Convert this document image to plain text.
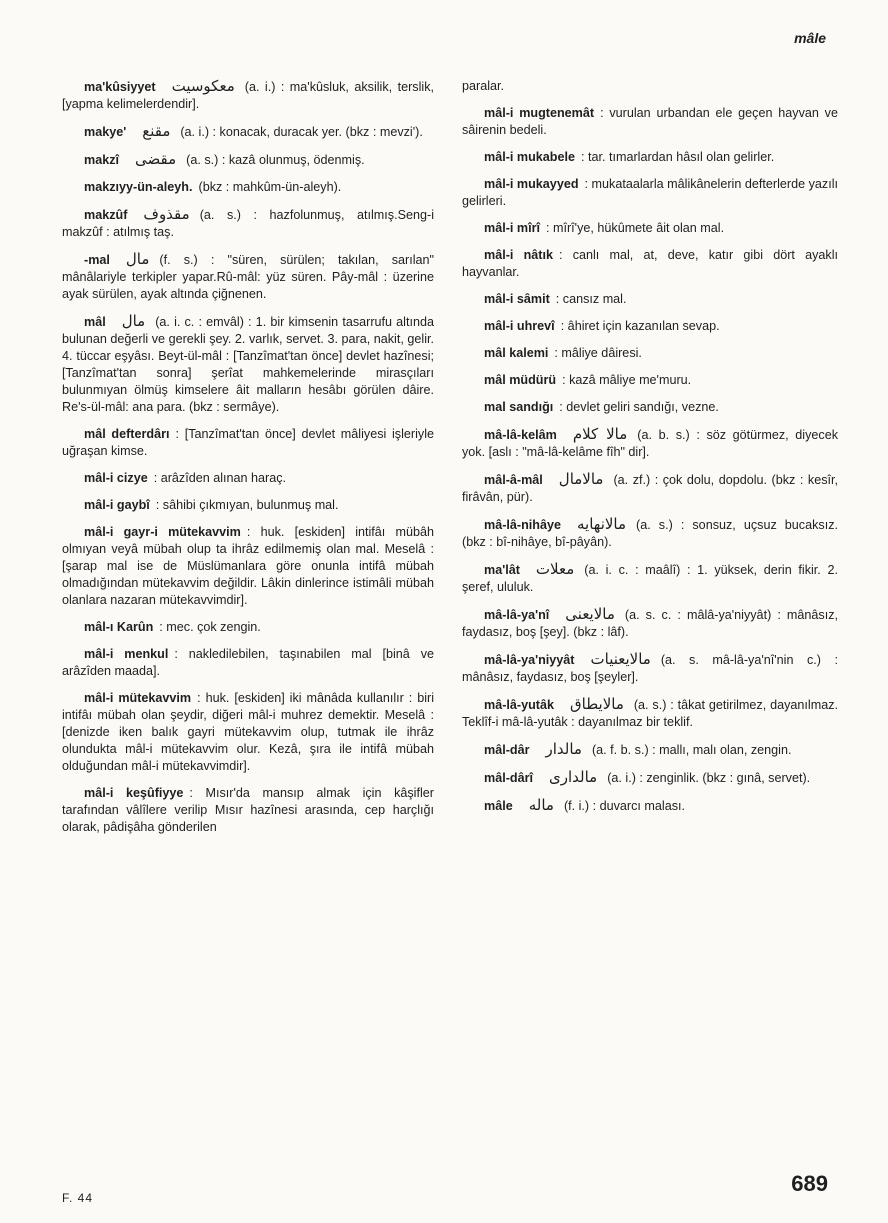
mâle

ma'kûsiyyet معكوسيت (a. i.) : ma'kûsluk, aksilik, terslik, [yapma kelimelerdendir].

makye' مقنع (a. i.) : konacak, duracak yer. (bkz : mevzi').

makzî مقضى (a. s.) : kazâ olunmuş, ödenmiş.

makzıyy-ün-aleyh. (bkz : mahkûm-ün-aleyh).

makzûf مقذوف (a. s.) : hazfolunmuş, atılmış.Seng-i makzûf : atılmış taş.

-mal مال (f. s.) : "süren, sürülen; takılan, sarılan" mânâlariyle terkipler yapar.Rû-mâl: yüz süren. Pây-mâl : üzerine ayak sürülen, ayak altında çiğnenen.

mâl مال (a. i. c. : emvâl) : 1. bir kimsenin tasarrufu altında bulunan değerli ve gerekli şey. 2. varlık, servet. 3. para, nakit, gelir. 4. tüccar eşyâsı. Beyt-ül-mâl : [Tanzîmat'tan önce] devlet hazînesi; [Tanzîmat'tan sonra] şerîat mahkemelerinde mirasçıları bulunmıyan ölmüş kimselere âit malların hesâbı görülen dâire. Re's-ül-mâl: ana para. (bkz : sermâye).

mâl defterdârı : [Tanzîmat'tan önce] devlet mâliyesi işleriyle uğraşan kimse.

mâl-i cizye : arâzîden alınan haraç.

mâl-i gaybî : sâhibi çıkmıyan, bulunmuş mal.

mâl-i gayr-i mütekavvim : huk. [eskiden] intifâı mübâh olmıyan veyâ mübah olup ta ihrâz edilmemiş olan mal. Meselâ : [şarap mal ise de Müslümanlara göre onunla intifâ mübah olmadığından mütekavvim değildir. Lâkin dinlerince istimâli mübah olanlara nazaran mütekavvimdir].

mâl-ı Karûn : mec. çok zengin.

mâl-i menkul : nakledilebilen, taşınabilen mal [binâ ve arâzîden maada].

mâl-i mütekavvim : huk. [eskiden] iki mânâda kullanılır : biri intifâı mübah olan şeydir, diğeri mâl-i muhrez demektir. Meselâ : [denizde iken balık gayri mütekavvim olup, tutmak ile ihrâz olundukta mâl-i mütekavvim olur. Kezâ, şıra ile intifâ mübah olduğundan mâl-i mütekavvimdir].

mâl-i keşûfiyye : Mısır'da mansıp almak için kâşifler tarafından vâlîlere verilip Mısır hazînesi arasında, cep harçlığı olarak, pâdişâha gönderilen

paralar.

mâl-i mugtenemât : vurulan urbandan ele geçen hayvan ve sâirenin bedeli.

mâl-i mukabele : tar. tımarlardan hâsıl olan gelirler.

mâl-i mukayyed : mukataalarla mâlikânelerin defterlerde yazılı gelirleri.

mâl-i mîrî : mîrî'ye, hükûmete âit olan mal.

mâl-i nâtık : canlı mal, at, deve, katır gibi dört ayaklı hayvanlar.

mâl-i sâmit : cansız mal.

mâl-i uhrevî : âhiret için kazanılan sevap.

mâl kalemi : mâliye dâiresi.

mâl müdürü : kazâ mâliye me'muru.

mal sandığı : devlet geliri sandığı, vezne.

mâ-lâ-kelâm مالا كلام (a. b. s.) : söz götürmez, diyecek yok. [aslı : "mâ-lâ-kelâme fîh" dir].

mâl-â-mâl مالامال (a. zf.) : çok dolu, dopdolu. (bkz : kesîr, firâvân, pür).

mâ-lâ-nihâye مالانهايه (a. s.) : sonsuz, uçsuz bucaksız. (bkz : bî-nihâye, bî-pâyân).

ma'lât معلات (a. i. c. : maâlî) : 1. yüksek, derin fikir. 2. şeref, ululuk.

mâ-lâ-ya'nî مالايعنى (a. s. c. : mâlâ-ya'niyyât) : mânâsız, faydasız, boş [şey]. (bkz : lâf).

mâ-lâ-ya'niyyât مالايعنيات (a. s. mâ-lâ-ya'nî'nin c.) : mânâsız, faydasız, boş [şeyler].

mâ-lâ-yutâk مالايطاق (a. s.) : tâkat getirilmez, dayanılmaz. Teklîf-i mâ-lâ-yutâk : dayanılmaz bir teklif.

mâl-dâr مالدار (a. f. b. s.) : mallı, malı olan, zengin.

mâl-dârî مالدارى (a. i.) : zenginlik. (bkz : gınâ, servet).

mâle ماله (f. i.) : duvarcı malası.

F. 44
689
